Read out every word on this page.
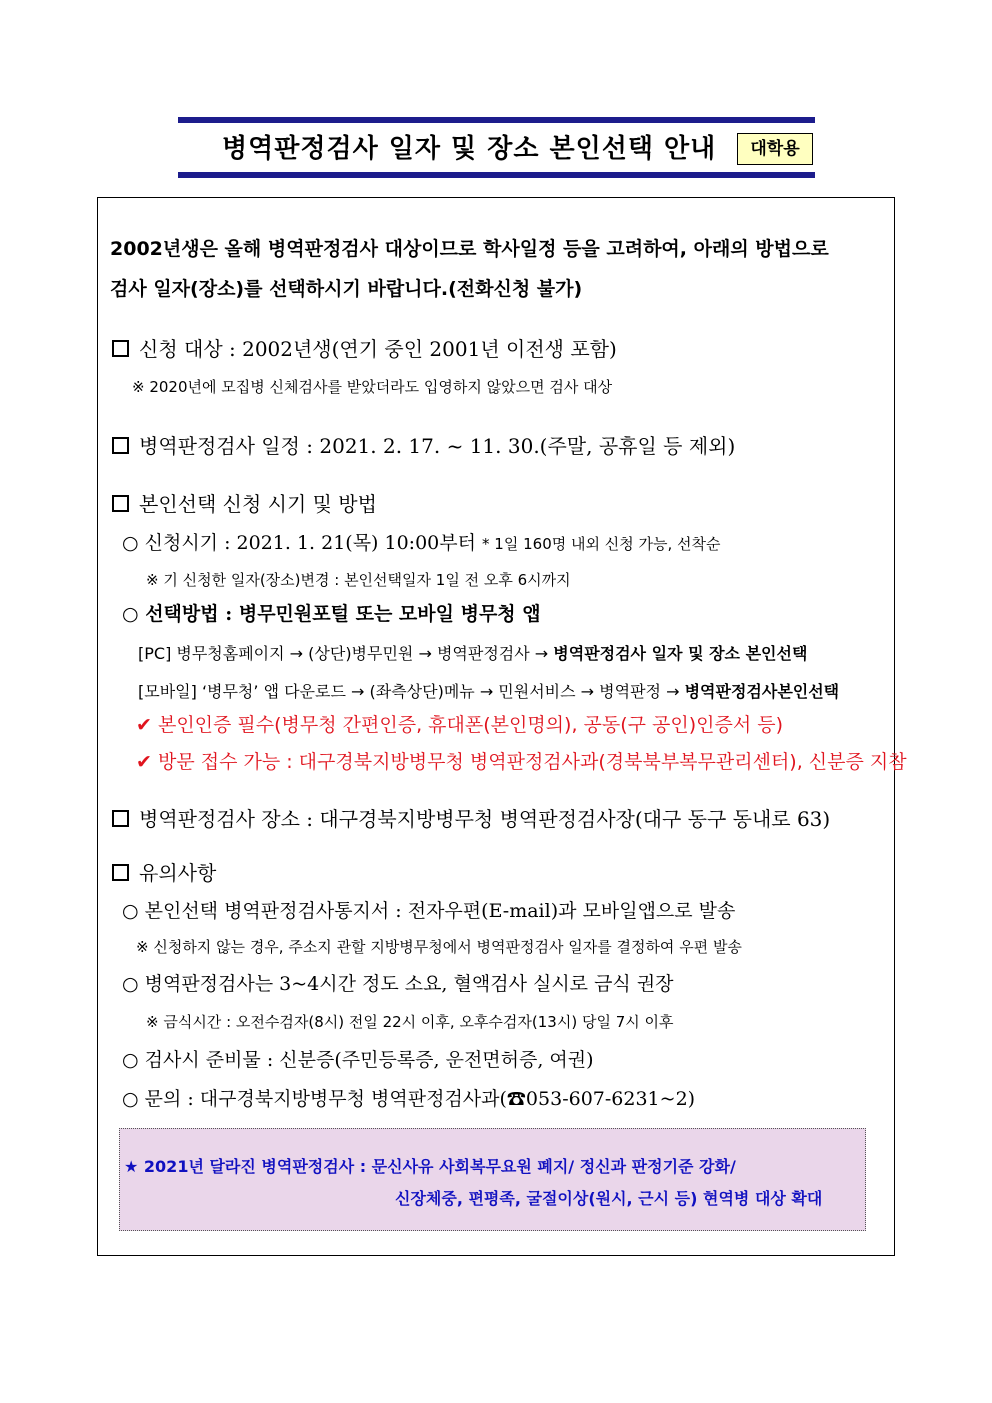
병역판정검사 일자 및 장소 본인선택 안내	대학용
2002년생은 올해 병역판정검사 대상이므로 학사일정 등을 고려하여, 아래의 방법으로
검사 일자(장소)를 선택하시기 바랍니다.(전화신청 불가)
신청 대상 : 2002년생(연기 중인 2001년 이전생 포함)
※ 2020년에 모집병 신체검사를 받았더라도 입영하지 않았으면 검사 대상
병역판정검사 일정 : 2021. 2. 17. ~ 11. 30.(주말, 공휴일 등 제외)
본인선택 신청 시기 및 방법
○ 신청시기 : 2021. 1. 21(목) 10:00부터 * 1일 160명 내외 신청 가능, 선착순
※ 기 신청한 일자(장소)변경 : 본인선택일자 1일 전 오후 6시까지
○ 선택방법 : 병무민원포털 또는 모바일 병무청 앱
[PC] 병무청홈페이지 → (상단)병무민원 → 병역판정검사 → 병역판정검사 일자 및 장소 본인선택
[모바일] ‘병무청’ 앱 다운로드 → (좌측상단)메뉴 → 민원서비스 → 병역판정 → 병역판정검사본인선택
✔ 본인인증 필수(병무청 간편인증, 휴대폰(본인명의), 공동(구 공인)인증서 등)
✔ 방문 접수 가능 : 대구경북지방병무청 병역판정검사과(경북북부복무관리센터), 신분증 지참
병역판정검사 장소 : 대구경북지방병무청 병역판정검사장(대구 동구 동내로 63)
유의사항
○ 본인선택 병역판정검사통지서 : 전자우편(E-mail)과 모바일앱으로 발송
※ 신청하지 않는 경우, 주소지 관할 지방병무청에서 병역판정검사 일자를 결정하여 우편 발송
○ 병역판정검사는 3~4시간 정도 소요, 혈액검사 실시로 금식 권장
※ 금식시간 : 오전수검자(8시) 전일 22시 이후, 오후수검자(13시) 당일 7시 이후
○ 검사시 준비물 : 신분증(주민등록증, 운전면허증, 여권)
○ 문의 : 대구경북지방병무청 병역판정검사과(☎053-607-6231~2)
★ 2021년 달라진 병역판정검사 : 문신사유 사회복무요원 폐지/ 정신과 판정기준 강화/
신장체중, 편평족, 굴절이상(원시, 근시 등) 현역병 대상 확대
